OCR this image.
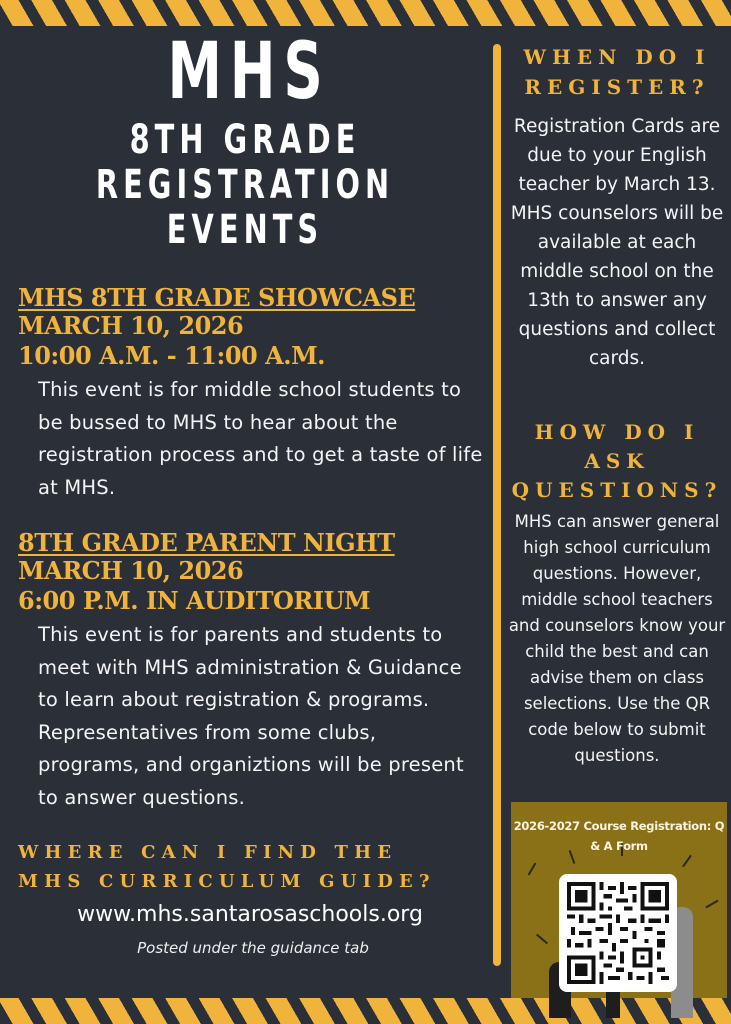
MHS
8TH GRADE
REGISTRATION
EVENTS
MHS 8TH GRADE SHOWCASE
MARCH 10, 2026
10:00 A.M. - 11:00 A.M.
This event is for middle school students to be bussed to MHS to hear about the registration process and to get a taste of life at MHS.
8TH GRADE PARENT NIGHT
MARCH 10, 2026
6:00 P.M. IN AUDITORIUM
This event is for parents and students to meet with MHS administration & Guidance to learn about registration & programs. Representatives from some clubs, programs, and organiztions will be present to answer questions.
WHERE CAN I FIND THE
MHS CURRICULUM GUIDE?
www.mhs.santarosaschools.org
Posted under the guidance tab
WHEN DO I
REGISTER?
Registration Cards are due to your English teacher by March 13. MHS counselors will be available at each middle school on the 13th to answer any questions and collect cards.
HOW DO I
ASK
QUESTIONS?
MHS can answer general high school curriculum questions. However, middle school teachers and counselors know your child the best and can advise them on class selections. Use the QR code below to submit questions.
2026-2027 Course Registration: Q & A Form
